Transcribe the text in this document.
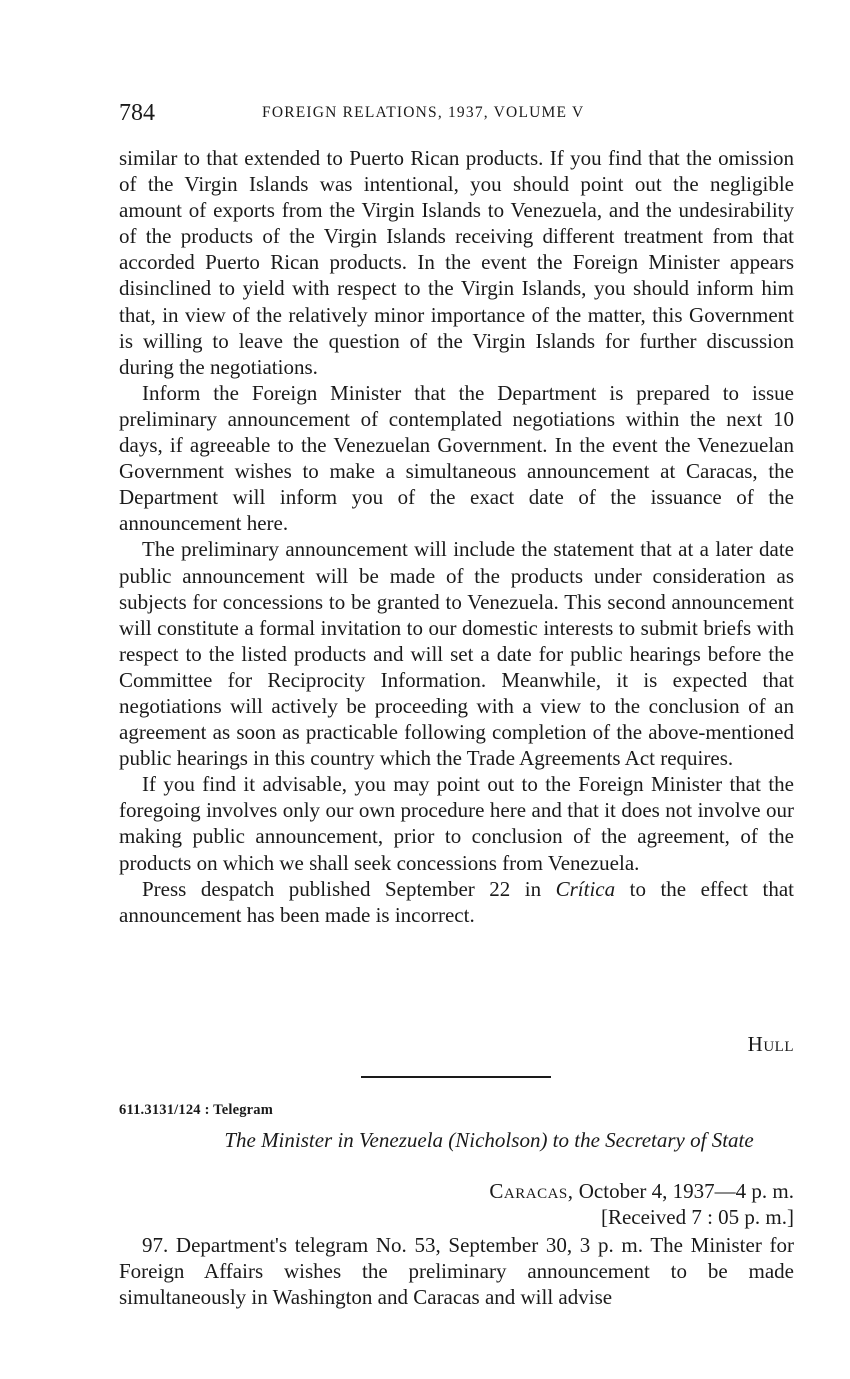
784	FOREIGN RELATIONS, 1937, VOLUME V

similar to that extended to Puerto Rican products. If you find that the omission of the Virgin Islands was intentional, you should point out the negligible amount of exports from the Virgin Islands to Venezuela, and the undesirability of the products of the Virgin Islands receiving different treatment from that accorded Puerto Rican products. In the event the Foreign Minister appears disinclined to yield with respect to the Virgin Islands, you should inform him that, in view of the relatively minor importance of the matter, this Government is willing to leave the question of the Virgin Islands for further discussion during the negotiations.

Inform the Foreign Minister that the Department is prepared to issue preliminary announcement of contemplated negotiations within the next 10 days, if agreeable to the Venezuelan Government. In the event the Venezuelan Government wishes to make a simultaneous announcement at Caracas, the Department will inform you of the exact date of the issuance of the announcement here.

The preliminary announcement will include the statement that at a later date public announcement will be made of the products under consideration as subjects for concessions to be granted to Venezuela. This second announcement will constitute a formal invitation to our domestic interests to submit briefs with respect to the listed products and will set a date for public hearings before the Committee for Reciprocity Information. Meanwhile, it is expected that negotiations will actively be proceeding with a view to the conclusion of an agreement as soon as practicable following completion of the above-mentioned public hearings in this country which the Trade Agreements Act requires.

If you find it advisable, you may point out to the Foreign Minister that the foregoing involves only our own procedure here and that it does not involve our making public announcement, prior to conclusion of the agreement, of the products on which we shall seek concessions from Venezuela.

Press despatch published September 22 in Crítica to the effect that announcement has been made is incorrect.

Hull
611.3131/124 : Telegram
The Minister in Venezuela (Nicholson) to the Secretary of State
Caracas, October 4, 1937—4 p. m.
[Received 7 : 05 p. m.]

97. Department's telegram No. 53, September 30, 3 p. m. The Minister for Foreign Affairs wishes the preliminary announcement to be made simultaneously in Washington and Caracas and will advise
